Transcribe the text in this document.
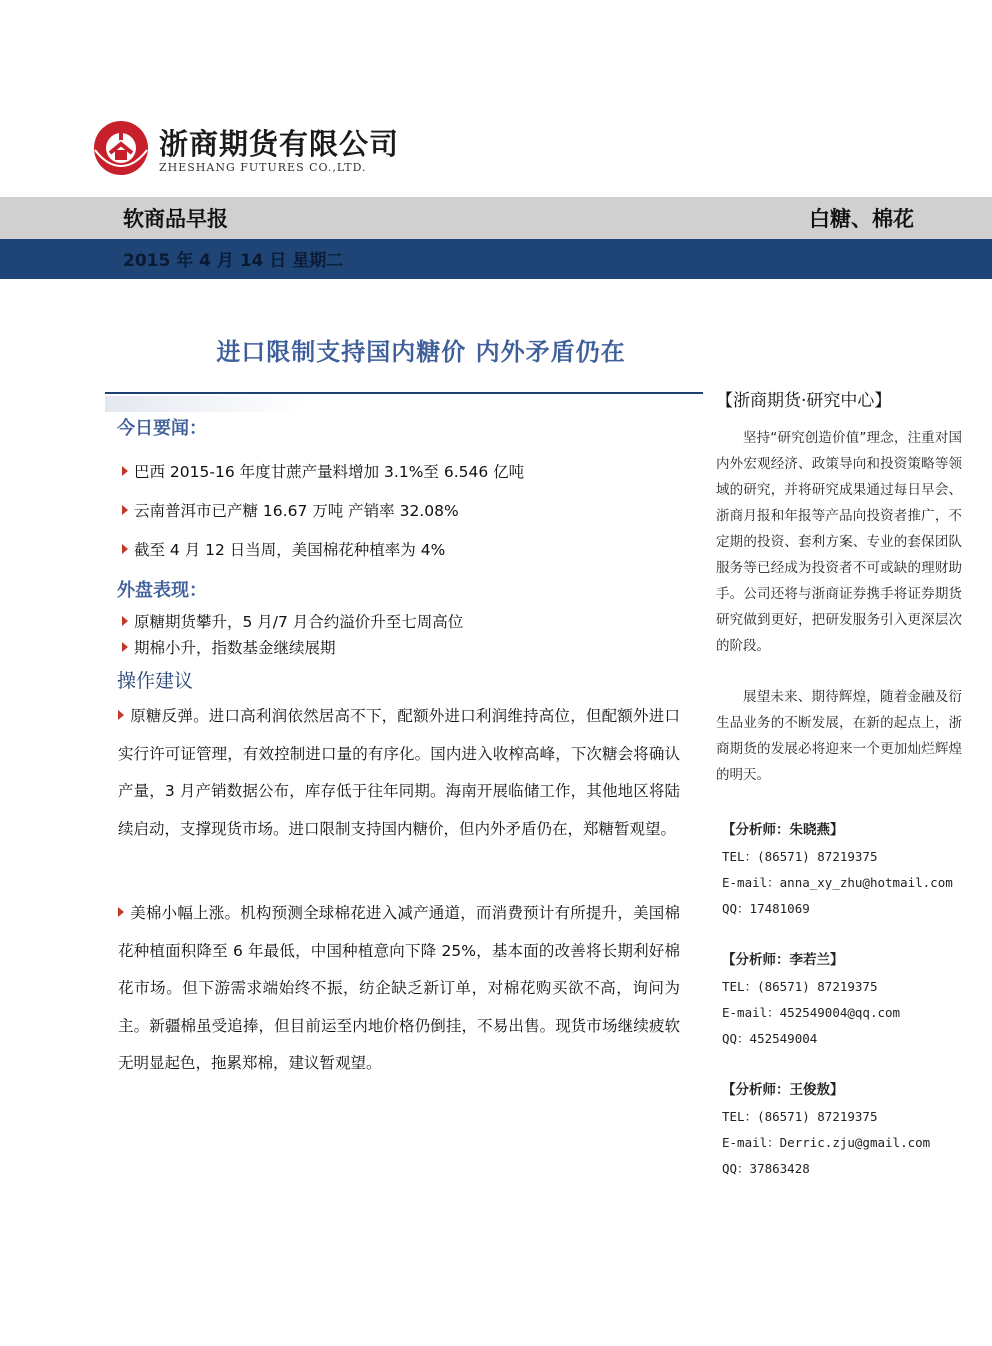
浙商期货有限公司
ZHESHANG FUTURES CO.,LTD.
软商品早报	白糖、棉花
2015 年 4 月 14 日 星期二
进口限制支持国内糖价 内外矛盾仍在
今日要闻：
巴西 2015-16 年度甘蔗产量料增加 3.1%至 6.546 亿吨
云南普洱市已产糖 16.67 万吨 产销率 32.08%
截至 4 月 12 日当周，美国棉花种植率为 4%
外盘表现：
原糖期货攀升，5 月/7 月合约溢价升至七周高位
期棉小升，指数基金继续展期
操作建议
原糖反弹。进口高利润依然居高不下，配额外进口利润维持高位，但配额外进口实行许可证管理，有效控制进口量的有序化。国内进入收榨高峰，下次糖会将确认产量，3 月产销数据公布，库存低于往年同期。海南开展临储工作，其他地区将陆续启动，支撑现货市场。进口限制支持国内糖价，但内外矛盾仍在，郑糖暂观望。
美棉小幅上涨。机构预测全球棉花进入减产通道，而消费预计有所提升，美国棉花种植面积降至 6 年最低，中国种植意向下降 25%，基本面的改善将长期利好棉花市场。但下游需求端始终不振，纺企缺乏新订单，对棉花购买欲不高，询问为主。新疆棉虽受追捧，但目前运至内地价格仍倒挂，不易出售。现货市场继续疲软无明显起色，拖累郑棉，建议暂观望。
【浙商期货·研究中心】
坚持“研究创造价值”理念，注重对国内外宏观经济、政策导向和投资策略等领域的研究，并将研究成果通过每日早会、浙商月报和年报等产品向投资者推广，不定期的投资、套利方案、专业的套保团队服务等已经成为投资者不可或缺的理财助手。公司还将与浙商证券携手将证券期货研究做到更好，把研发服务引入更深层次的阶段。
展望未来、期待辉煌，随着金融及衍生品业务的不断发展，在新的起点上，浙商期货的发展必将迎来一个更加灿烂辉煌的明天。
【分析师：朱晓燕】
TEL：(86571) 87219375
E-mail：anna_xy_zhu@hotmail.com
QQ：17481069
【分析师：李若兰】
TEL：(86571) 87219375
E-mail：452549004@qq.com
QQ：452549004
【分析师：王俊敖】
TEL：(86571) 87219375
E-mail：Derric.zju@gmail.com
QQ：37863428
